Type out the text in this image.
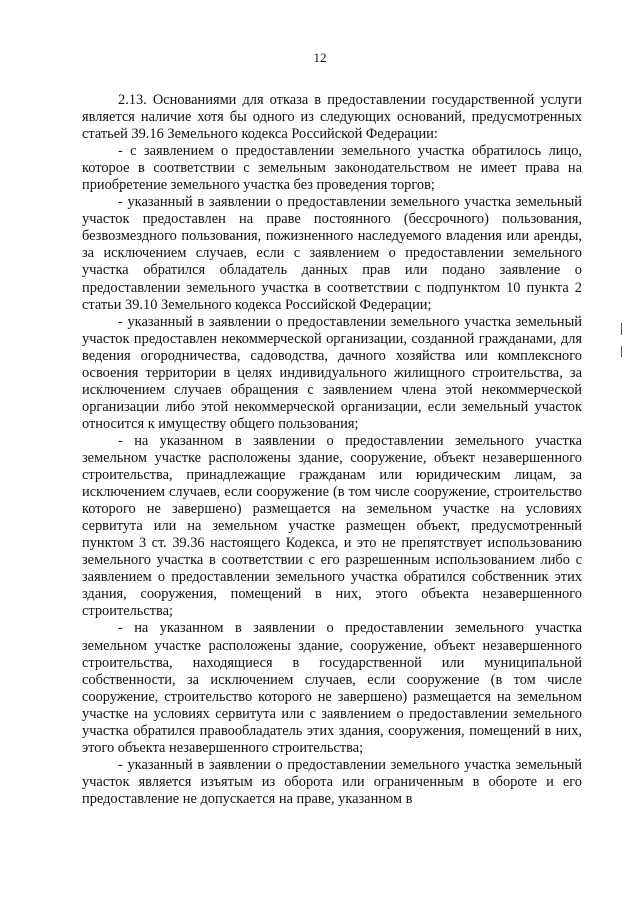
12

2.13. Основаниями для отказа в предоставлении государственной услуги является наличие хотя бы одного из следующих оснований, предусмотренных статьей 39.16 Земельного кодекса Российской Федерации:

- с заявлением о предоставлении земельного участка обратилось лицо, которое в соответствии с земельным законодательством не имеет права на приобретение земельного участка без проведения торгов;

- указанный в заявлении о предоставлении земельного участка земельный участок предоставлен на праве постоянного (бессрочного) пользования, безвозмездного пользования, пожизненного наследуемого владения или аренды, за исключением случаев, если с заявлением о предоставлении земельного участка обратился обладатель данных прав или подано заявление о предоставлении земельного участка в соответствии с подпунктом 10 пункта 2 статьи 39.10 Земельного кодекса Российской Федерации;

- указанный в заявлении о предоставлении земельного участка земельный участок предоставлен некоммерческой организации, созданной гражданами, для ведения огородничества, садоводства, дачного хозяйства или комплексного освоения территории в целях индивидуального жилищного строительства, за исключением случаев обращения с заявлением члена этой некоммерческой организации либо этой некоммерческой организации, если земельный участок относится к имуществу общего пользования;

- на указанном в заявлении о предоставлении земельного участка земельном участке расположены здание, сооружение, объект незавершенного строительства, принадлежащие гражданам или юридическим лицам, за исключением случаев, если сооружение (в том числе сооружение, строительство которого не завершено) размещается на земельном участке на условиях сервитута или на земельном участке размещен объект, предусмотренный пунктом 3 ст. 39.36 настоящего Кодекса, и это не препятствует использованию земельного участка в соответствии с его разрешенным использованием либо с заявлением о предоставлении земельного участка обратился собственник этих здания, сооружения, помещений в них, этого объекта незавершенного строительства;

- на указанном в заявлении о предоставлении земельного участка земельном участке расположены здание, сооружение, объект незавершенного строительства, находящиеся в государственной или муниципальной собственности, за исключением случаев, если сооружение (в том числе сооружение, строительство которого не завершено) размещается на земельном участке на условиях сервитута или с заявлением о предоставлении земельного участка обратился правообладатель этих здания, сооружения, помещений в них, этого объекта незавершенного строительства;

- указанный в заявлении о предоставлении земельного участка земельный участок является изъятым из оборота или ограниченным в обороте и его предоставление не допускается на праве, указанном в
